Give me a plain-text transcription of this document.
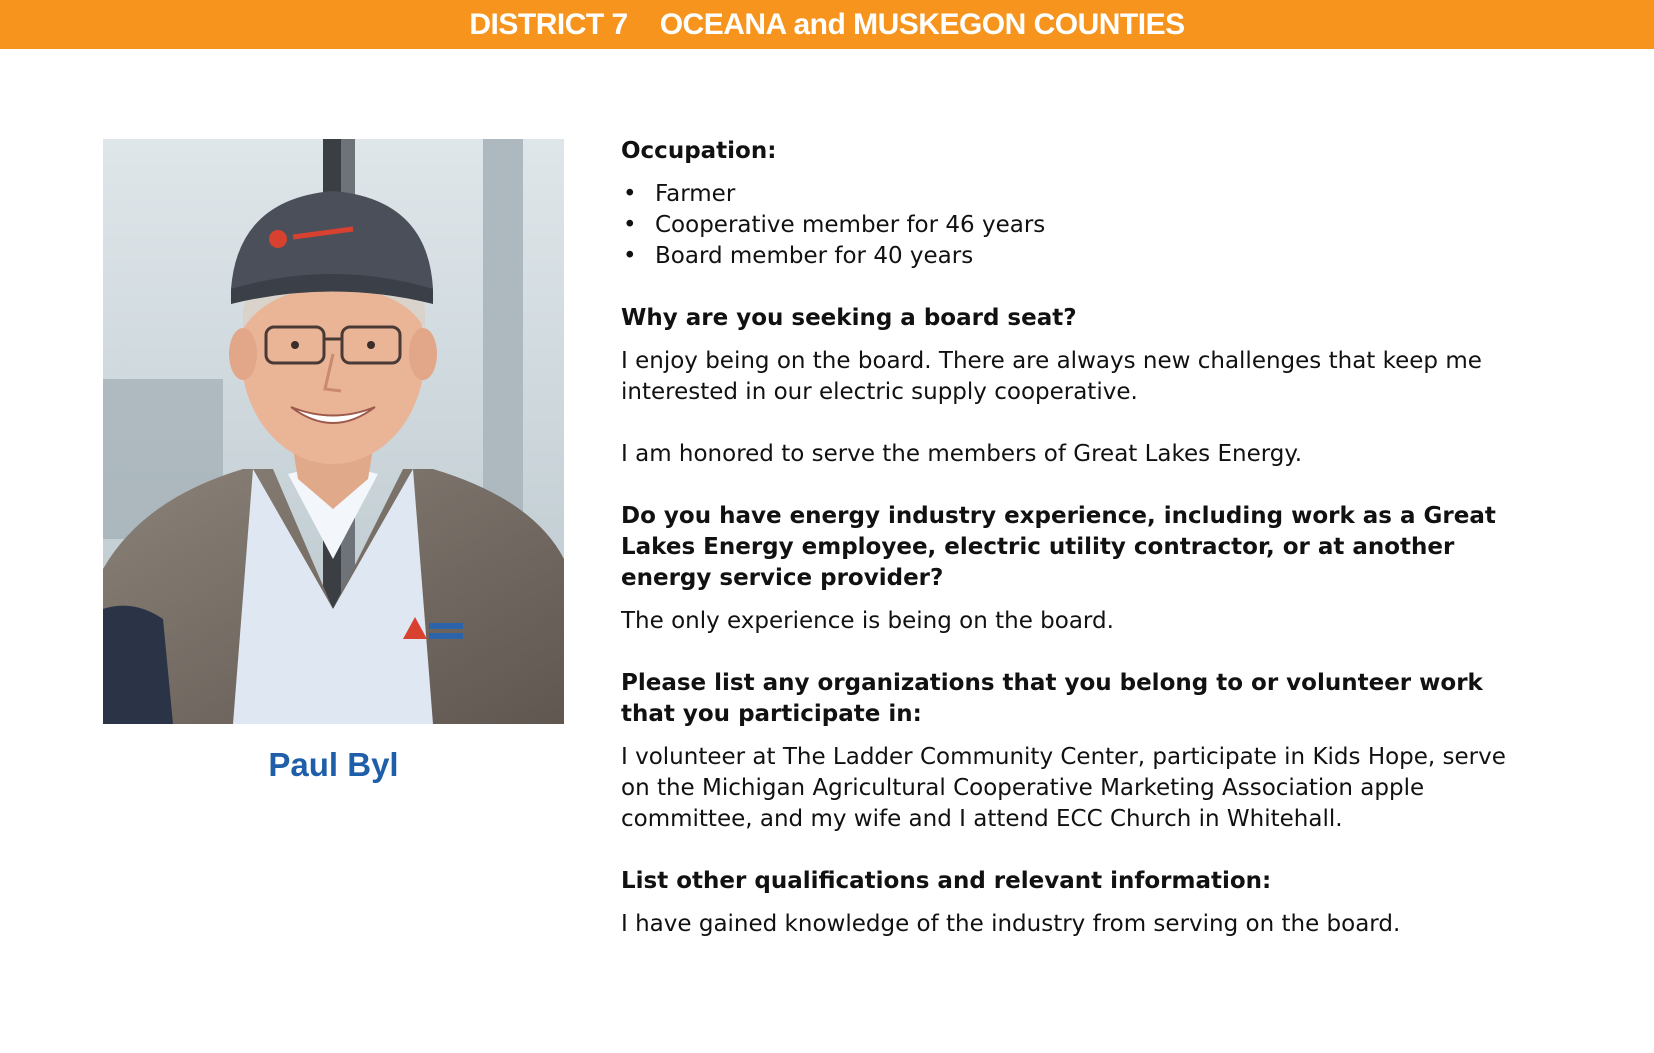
DISTRICT 7 OCEANA and MUSKEGON COUNTIES
Paul Byl
Occupation:
• Farmer
• Cooperative member for 46 years
• Board member for 40 years
Why are you seeking a board seat?

I enjoy being on the board. There are always new challenges that keep me interested in our electric supply cooperative.

I am honored to serve the members of Great Lakes Energy.

Do you have energy industry experience, including work as a Great Lakes Energy employee, electric utility contractor, or at another energy service provider?

The only experience is being on the board.

Please list any organizations that you belong to or volunteer work that you participate in:

I volunteer at The Ladder Community Center, participate in Kids Hope, serve on the Michigan Agricultural Cooperative Marketing Association apple committee, and my wife and I attend ECC Church in Whitehall.

List other qualifications and relevant information:

I have gained knowledge of the industry from serving on the board.
